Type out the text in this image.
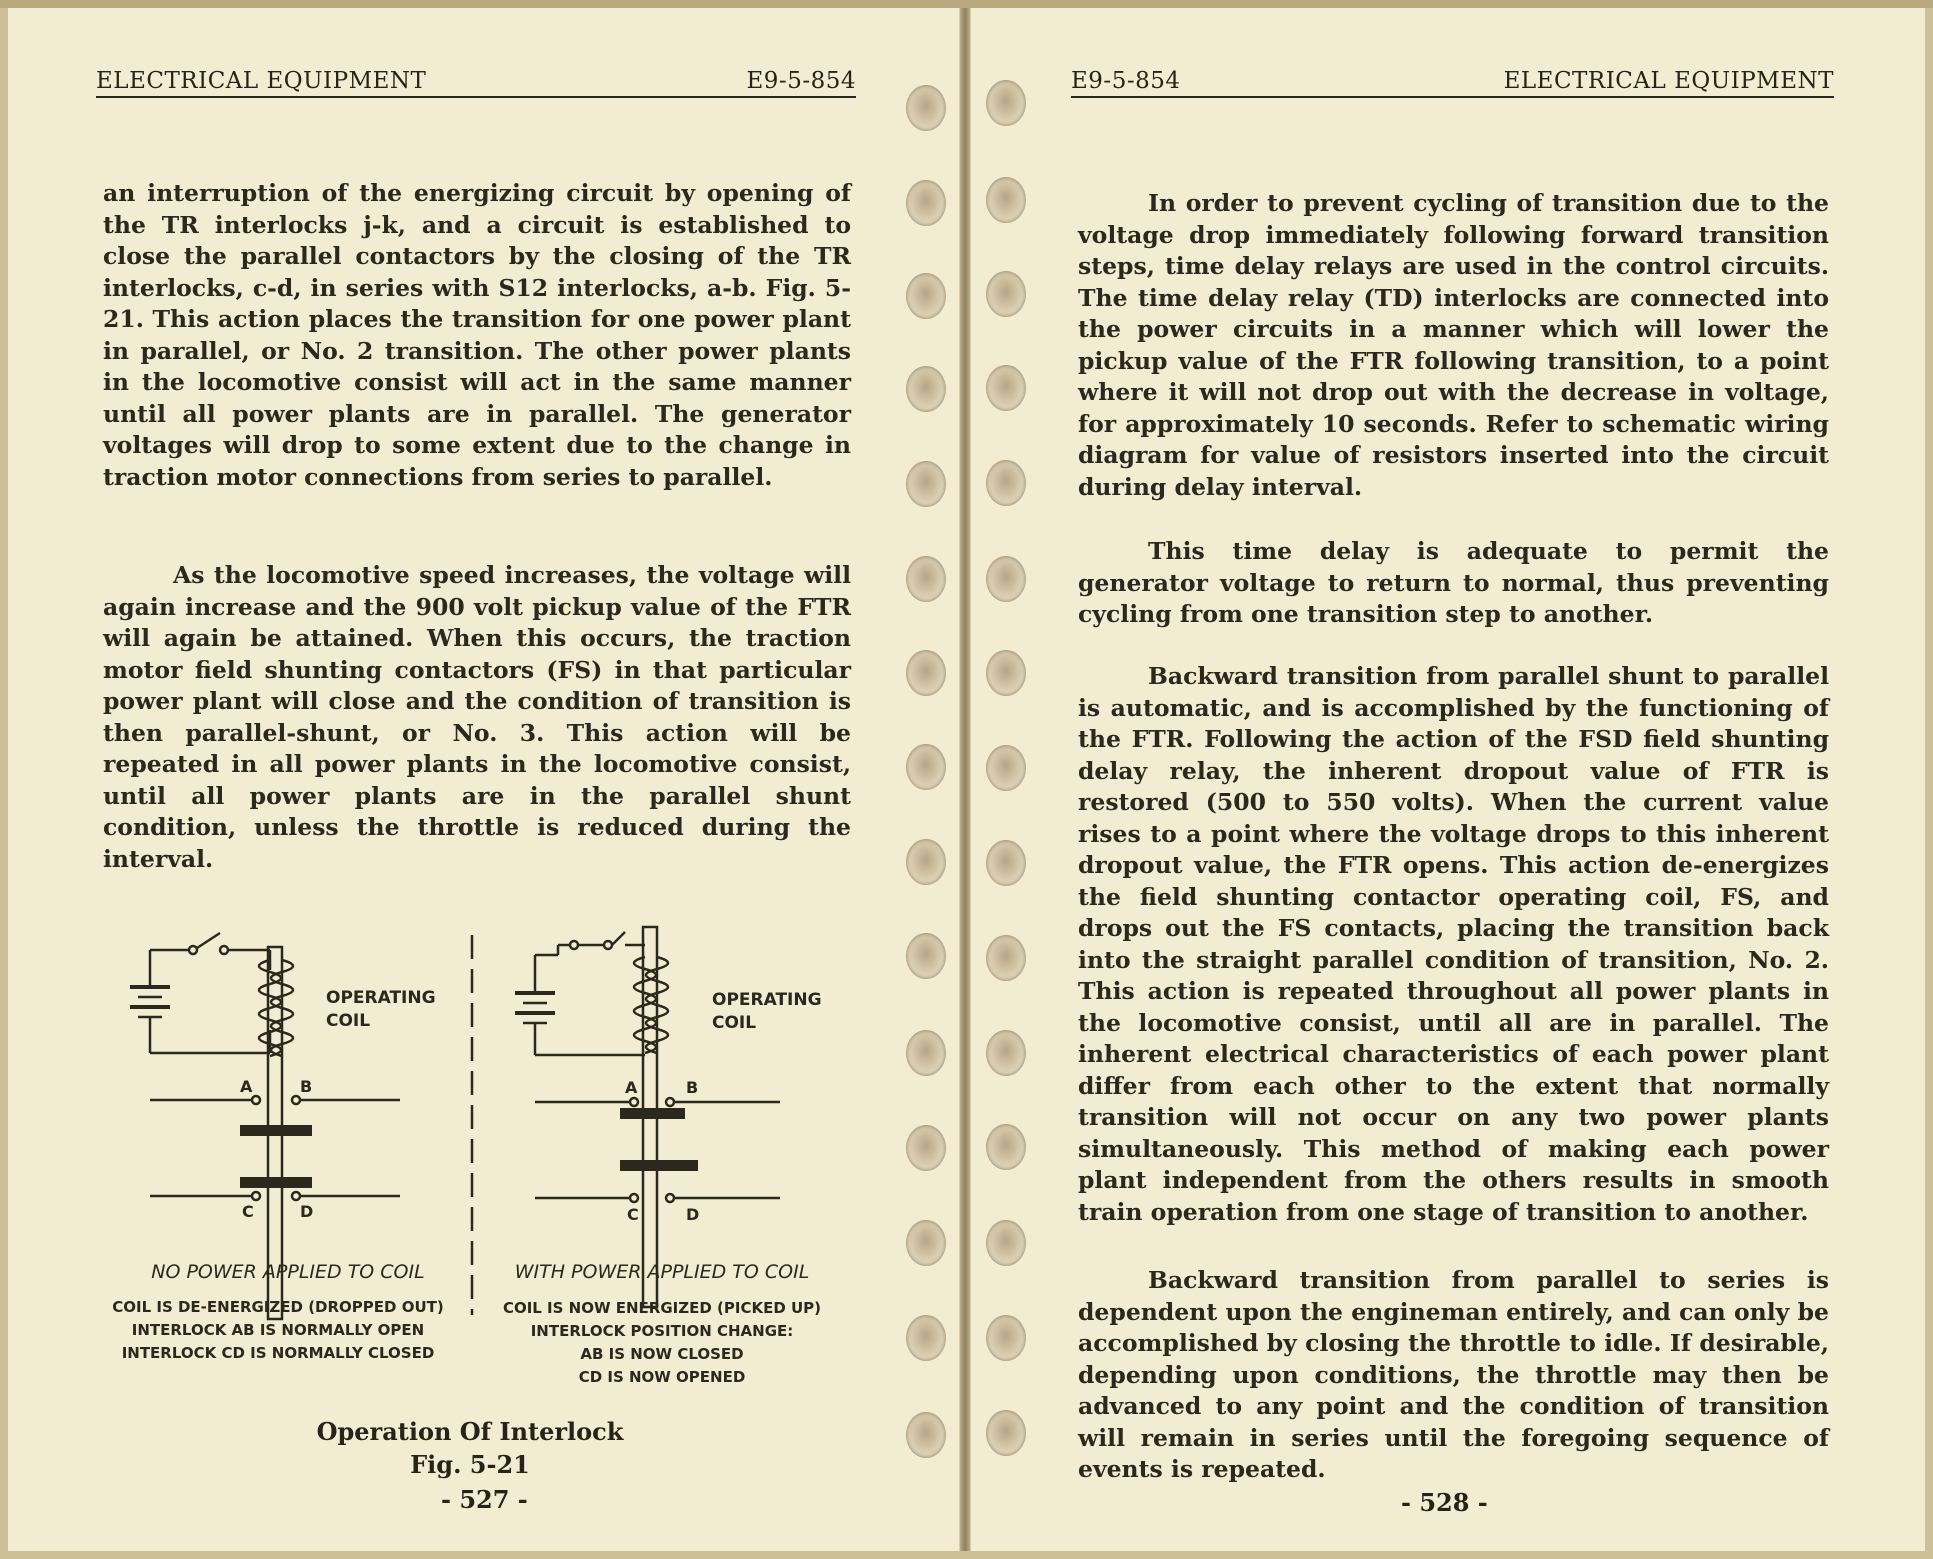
ELECTRICAL EQUIPMENT	E9-5-854

an interruption of the energizing circuit by opening of the TR interlocks j-k, and a circuit is established to close the parallel contactors by the closing of the TR interlocks, c-d, in series with S12 interlocks, a-b. Fig. 5-21. This action places the transition for one power plant in parallel, or No. 2 transition. The other power plants in the locomotive consist will act in the same manner until all power plants are in parallel. The generator voltages will drop to some extent due to the change in traction motor connections from series to parallel.

As the locomotive speed increases, the voltage will again increase and the 900 volt pickup value of the FTR will again be attained. When this occurs, the traction motor field shunting contactors (FS) in that particular power plant will close and the condition of transition is then parallel-shunt, or No. 3. This action will be repeated in all power plants in the locomotive consist, until all power plants are in the parallel shunt condition, unless the throttle is reduced during the interval.

OPERATING
COIL
A	B
C	D
OPERATING
COIL
A	B
C	D
NO POWER APPLIED TO COIL	WITH POWER APPLIED TO COIL
COIL IS DE-ENERGIZED (DROPPED OUT)
INTERLOCK AB IS NORMALLY OPEN
INTERLOCK CD IS NORMALLY CLOSED
COIL IS NOW ENERGIZED (PICKED UP)
INTERLOCK POSITION CHANGE:
AB IS NOW CLOSED
CD IS NOW OPENED
Operation Of Interlock
Fig. 5-21
- 527 -
E9-5-854	ELECTRICAL EQUIPMENT

In order to prevent cycling of transition due to the voltage drop immediately following forward transition steps, time delay relays are used in the control circuits. The time delay relay (TD) interlocks are connected into the power circuits in a manner which will lower the pickup value of the FTR following transition, to a point where it will not drop out with the decrease in voltage, for approximately 10 seconds. Refer to schematic wiring diagram for value of resistors inserted into the circuit during delay interval.

This time delay is adequate to permit the generator voltage to return to normal, thus preventing cycling from one transition step to another.

Backward transition from parallel shunt to parallel is automatic, and is accomplished by the functioning of the FTR. Following the action of the FSD field shunting delay relay, the inherent dropout value of FTR is restored (500 to 550 volts). When the current value rises to a point where the voltage drops to this inherent dropout value, the FTR opens. This action de-energizes the field shunting contactor operating coil, FS, and drops out the FS contacts, placing the transition back into the straight parallel condition of transition, No. 2. This action is repeated throughout all power plants in the locomotive consist, until all are in parallel. The inherent electrical characteristics of each power plant differ from each other to the extent that normally transition will not occur on any two power plants simultaneously. This method of making each power plant independent from the others results in smooth train operation from one stage of transition to another.

Backward transition from parallel to series is dependent upon the engineman entirely, and can only be accomplished by closing the throttle to idle. If desirable, depending upon conditions, the throttle may then be advanced to any point and the condition of transition will remain in series until the foregoing sequence of events is repeated.

- 528 -
